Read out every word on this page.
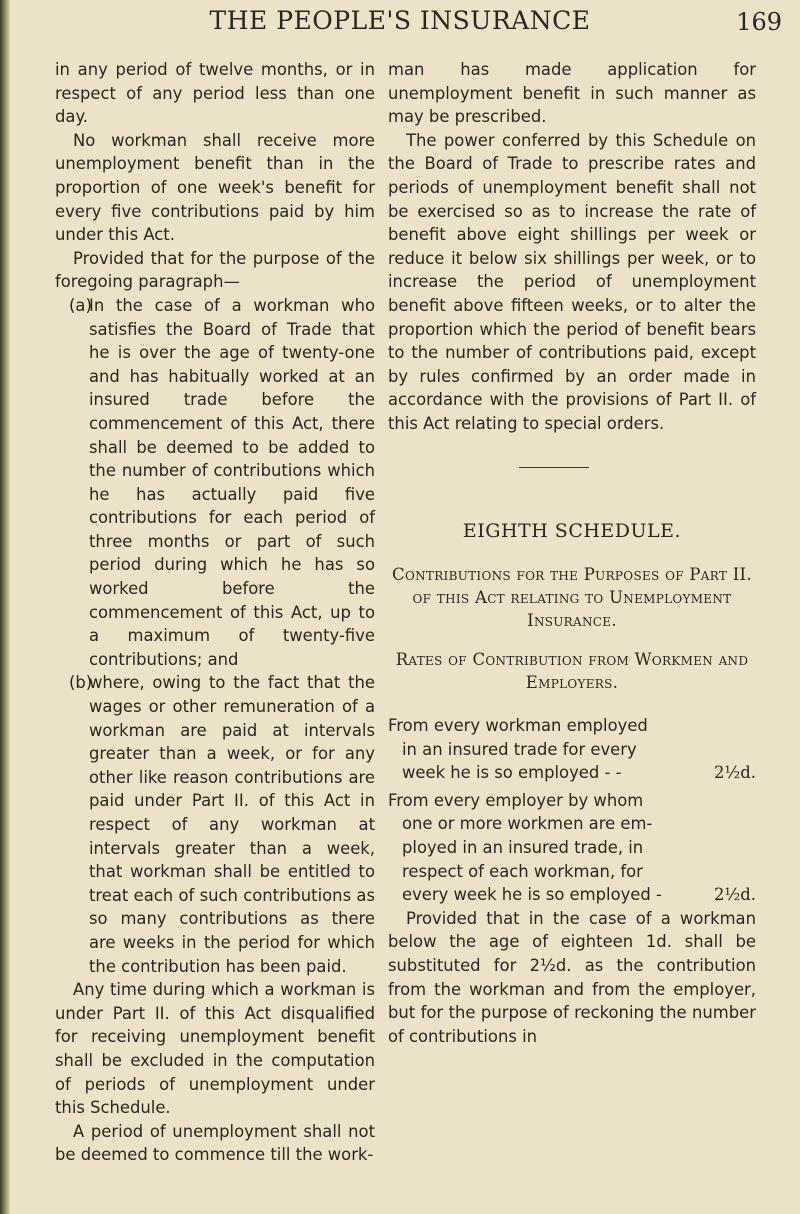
THE PEOPLE'S INSURANCE	169

in any period of twelve months, or in respect of any period less than one day.

No workman shall receive more unemployment benefit than in the proportion of one week's benefit for every five contributions paid by him under this Act.

Provided that for the purpose of the foregoing paragraph—

(a)
In the case of a workman who satisfies the Board of Trade that he is over the age of twenty-one and has habitually worked at an insured trade before the commencement of this Act, there shall be deemed to be added to the number of contributions which he has actually paid five contributions for each period of three months or part of such period during which he has so worked before the commencement of this Act, up to a maximum of twenty-five contributions; and
(b)
where, owing to the fact that the wages or other remuneration of a workman are paid at intervals greater than a week, or for any other like reason contributions are paid under Part II. of this Act in respect of any workman at intervals greater than a week, that workman shall be entitled to treat each of such contributions as so many contributions as there are weeks in the period for which the contribution has been paid.

Any time during which a workman is under Part II. of this Act disqualified for receiving unemployment benefit shall be excluded in the computation of periods of unemployment under this Schedule.

A period of unemployment shall not be deemed to commence till the work-

man has made application for unemployment benefit in such manner as may be prescribed.

The power conferred by this Schedule on the Board of Trade to prescribe rates and periods of unemployment benefit shall not be exercised so as to increase the rate of benefit above eight shillings per week or reduce it below six shillings per week, or to increase the period of unemployment benefit above fifteen weeks, or to alter the proportion which the period of benefit bears to the number of contributions paid, except by rules confirmed by an order made in accordance with the provisions of Part II. of this Act relating to special orders.

EIGHTH SCHEDULE.
Contributions for the Purposes of Part II. of this Act relating to Unemployment Insurance.
Rates of Contribution from Workmen and Employers.
From every workman employed
in an insured trade for every
week he is so employed - -	2½d.
From every employer by whom
one or more workmen are em-
ployed in an insured trade, in
respect of each workman, for
every week he is so employed -	2½d.

Provided that in the case of a workman below the age of eighteen 1d. shall be substituted for 2½d. as the contribution from the workman and from the employer, but for the purpose of reckoning the number of contributions in
